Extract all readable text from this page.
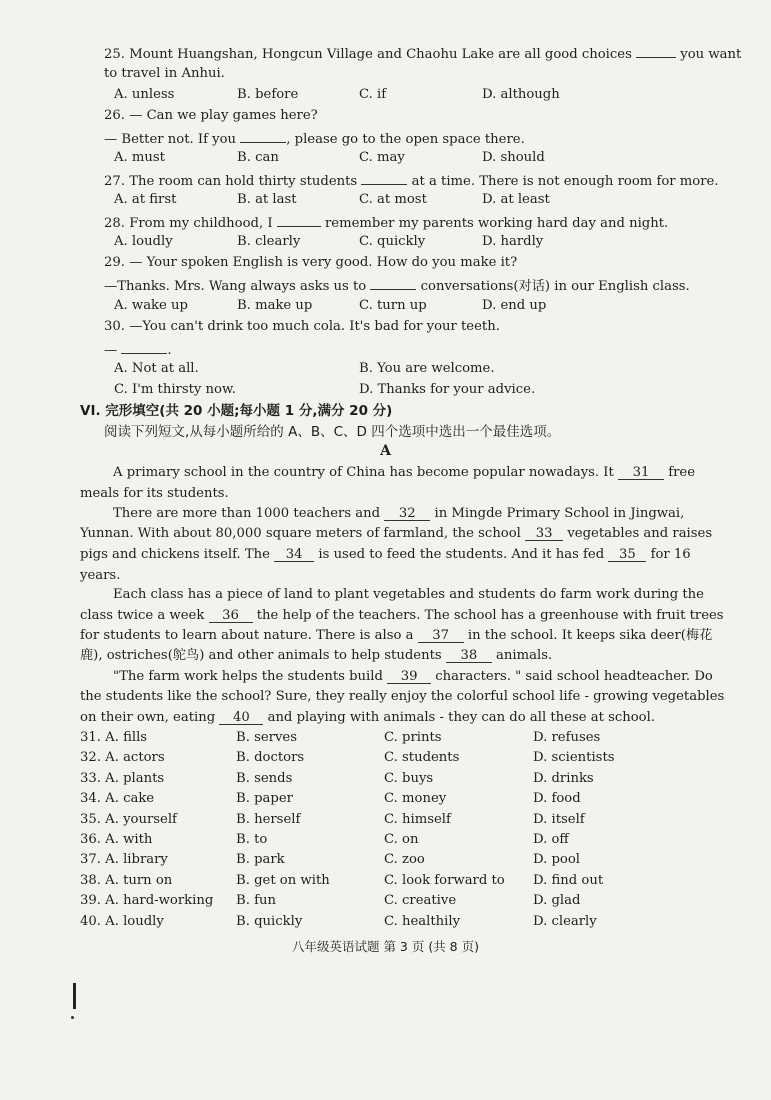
25. Mount Huangshan, Hongcun Village and Chaohu Lake are all good choices	you want
to travel in Anhui.
A. unless	B. before	C. if	D. although
26. — Can we play games here?
— Better not. If you	, please go to the open space there.
A. must	B. can	C. may	D. should
27. The room can hold thirty students	at a time. There is not enough room for more.
A. at first	B. at last	C. at most	D. at least
28. From my childhood, I	remember my parents working hard day and night.
A. loudly	B. clearly	C. quickly	D. hardly
29. — Your spoken English is very good. How do you make it?
—Thanks. Mrs. Wang always asks us to	conversations(对话) in our English class.
A. wake up	B. make up	C. turn up	D. end up
30. —You can't drink too much cola. It's bad for your teeth.
—	.
A. Not at all.	B. You are welcome.
C. I'm thirsty now.	D. Thanks for your advice.
VI. 完形填空(共 20 小题;每小题 1 分,满分 20 分)
阅读下列短文,从每小题所给的 A、B、C、D 四个选项中选出一个最佳选项。
A
A primary school in the country of China has become popular nowadays. It 31 free
meals for its students.
There are more than 1000 teachers and 32 in Mingde Primary School in Jingwai,
Yunnan. With about 80,000 square meters of farmland, the school 33 vegetables and raises
pigs and chickens itself. The 34 is used to feed the students. And it has fed 35 for 16
years.
Each class has a piece of land to plant vegetables and students do farm work during the
class twice a week 36 the help of the teachers. The school has a greenhouse with fruit trees
for students to learn about nature. There is also a 37 in the school. It keeps sika deer(梅花
鹿), ostriches(鸵鸟) and other animals to help students 38 animals.
"The farm work helps the students build 39 characters. " said school headteacher. Do
the students like the school? Sure, they really enjoy the colorful school life - growing vegetables
on their own, eating 40 and playing with animals - they can do all these at school.
31. A. fills	B. serves	C. prints	D. refuses
32. A. actors	B. doctors	C. students	D. scientists
33. A. plants	B. sends	C. buys	D. drinks
34. A. cake	B. paper	C. money	D. food
35. A. yourself	B. herself	C. himself	D. itself
36. A. with	B. to	C. on	D. off
37. A. library	B. park	C. zoo	D. pool
38. A. turn on	B. get on with	C. look forward to D. find out
39. A. hard-working B. fun	C. creative	D. glad
40. A. loudly	B. quickly	C. healthily	D. clearly
八年级英语试题 第 3 页 (共 8 页)
